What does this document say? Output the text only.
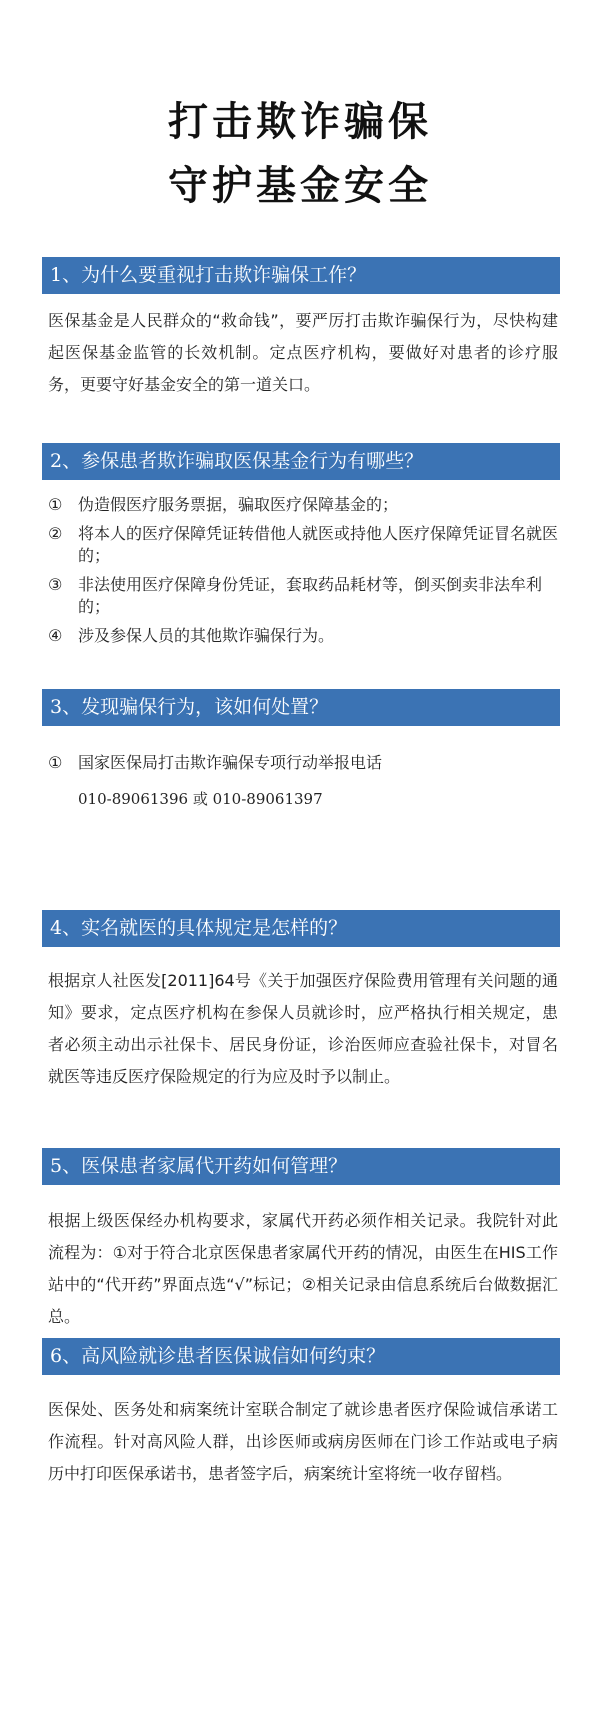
打击欺诈骗保
守护基金安全
1、为什么要重视打击欺诈骗保工作？
医保基金是人民群众的“救命钱”，要严厉打击欺诈骗保行为，尽快构建起医保基金监管的长效机制。定点医疗机构，要做好对患者的诊疗服务，更要守好基金安全的第一道关口。
2、参保患者欺诈骗取医保基金行为有哪些？
① 伪造假医疗服务票据，骗取医疗保障基金的；
② 将本人的医疗保障凭证转借他人就医或持他人医疗保障凭证冒名就医的；
③ 非法使用医疗保障身份凭证，套取药品耗材等，倒买倒卖非法牟利的；
④ 涉及参保人员的其他欺诈骗保行为。
3、发现骗保行为，该如何处置？
① 国家医保局打击欺诈骗保专项行动举报电话
010-89061396 或 010-89061397
4、实名就医的具体规定是怎样的？
根据京人社医发[2011]64号《关于加强医疗保险费用管理有关问题的通知》要求，定点医疗机构在参保人员就诊时，应严格执行相关规定，患者必须主动出示社保卡、居民身份证，诊治医师应查验社保卡，对冒名就医等违反医疗保险规定的行为应及时予以制止。
5、医保患者家属代开药如何管理？
根据上级医保经办机构要求，家属代开药必须作相关记录。我院针对此流程为：①对于符合北京医保患者家属代开药的情况，由医生在HIS工作站中的“代开药”界面点选“√”标记；②相关记录由信息系统后台做数据汇总。
6、高风险就诊患者医保诚信如何约束？
医保处、医务处和病案统计室联合制定了就诊患者医疗保险诚信承诺工作流程。针对高风险人群，出诊医师或病房医师在门诊工作站或电子病历中打印医保承诺书，患者签字后，病案统计室将统一收存留档。
